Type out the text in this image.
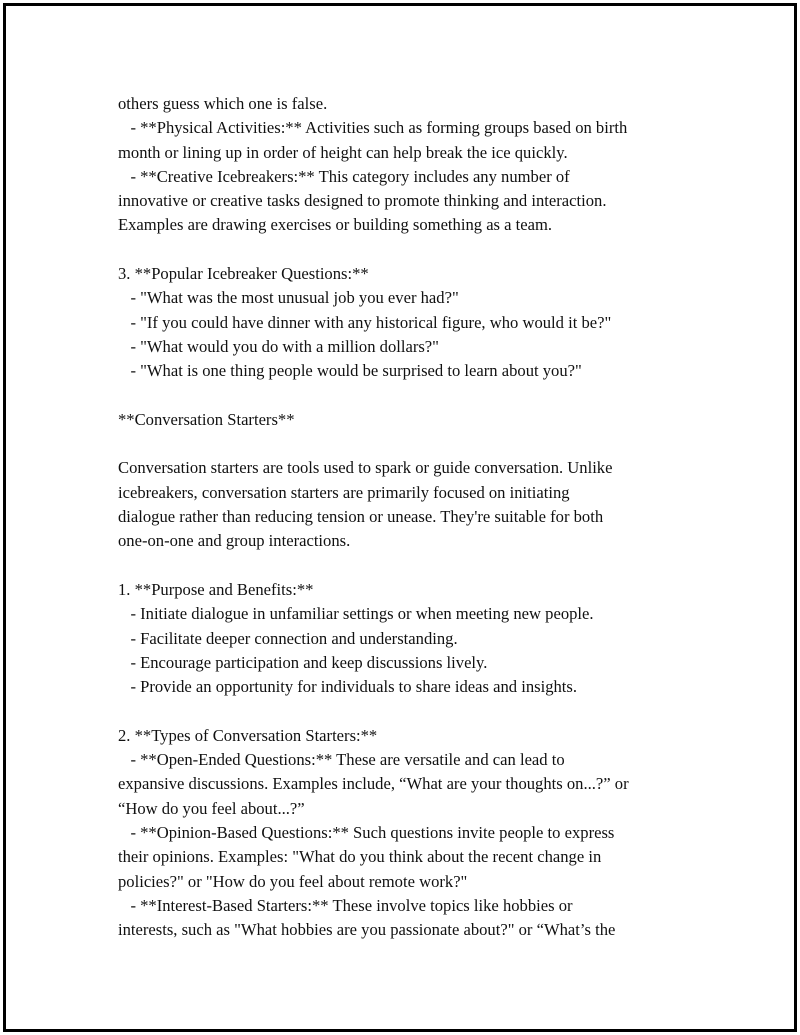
others guess which one is false.
- **Physical Activities:** Activities such as forming groups based on birth
month or lining up in order of height can help break the ice quickly.
- **Creative Icebreakers:** This category includes any number of
innovative or creative tasks designed to promote thinking and interaction.
Examples are drawing exercises or building something as a team.
3. **Popular Icebreaker Questions:**
- "What was the most unusual job you ever had?"
- "If you could have dinner with any historical figure, who would it be?"
- "What would you do with a million dollars?"
- "What is one thing people would be surprised to learn about you?"
**Conversation Starters**
Conversation starters are tools used to spark or guide conversation. Unlike
icebreakers, conversation starters are primarily focused on initiating
dialogue rather than reducing tension or unease. They're suitable for both
one-on-one and group interactions.
1. **Purpose and Benefits:**
- Initiate dialogue in unfamiliar settings or when meeting new people.
- Facilitate deeper connection and understanding.
- Encourage participation and keep discussions lively.
- Provide an opportunity for individuals to share ideas and insights.
2. **Types of Conversation Starters:**
- **Open-Ended Questions:** These are versatile and can lead to
expansive discussions. Examples include, “What are your thoughts on...?” or
“How do you feel about...?”
- **Opinion-Based Questions:** Such questions invite people to express
their opinions. Examples: "What do you think about the recent change in
policies?" or "How do you feel about remote work?"
- **Interest-Based Starters:** These involve topics like hobbies or
interests, such as "What hobbies are you passionate about?" or “What’s the
